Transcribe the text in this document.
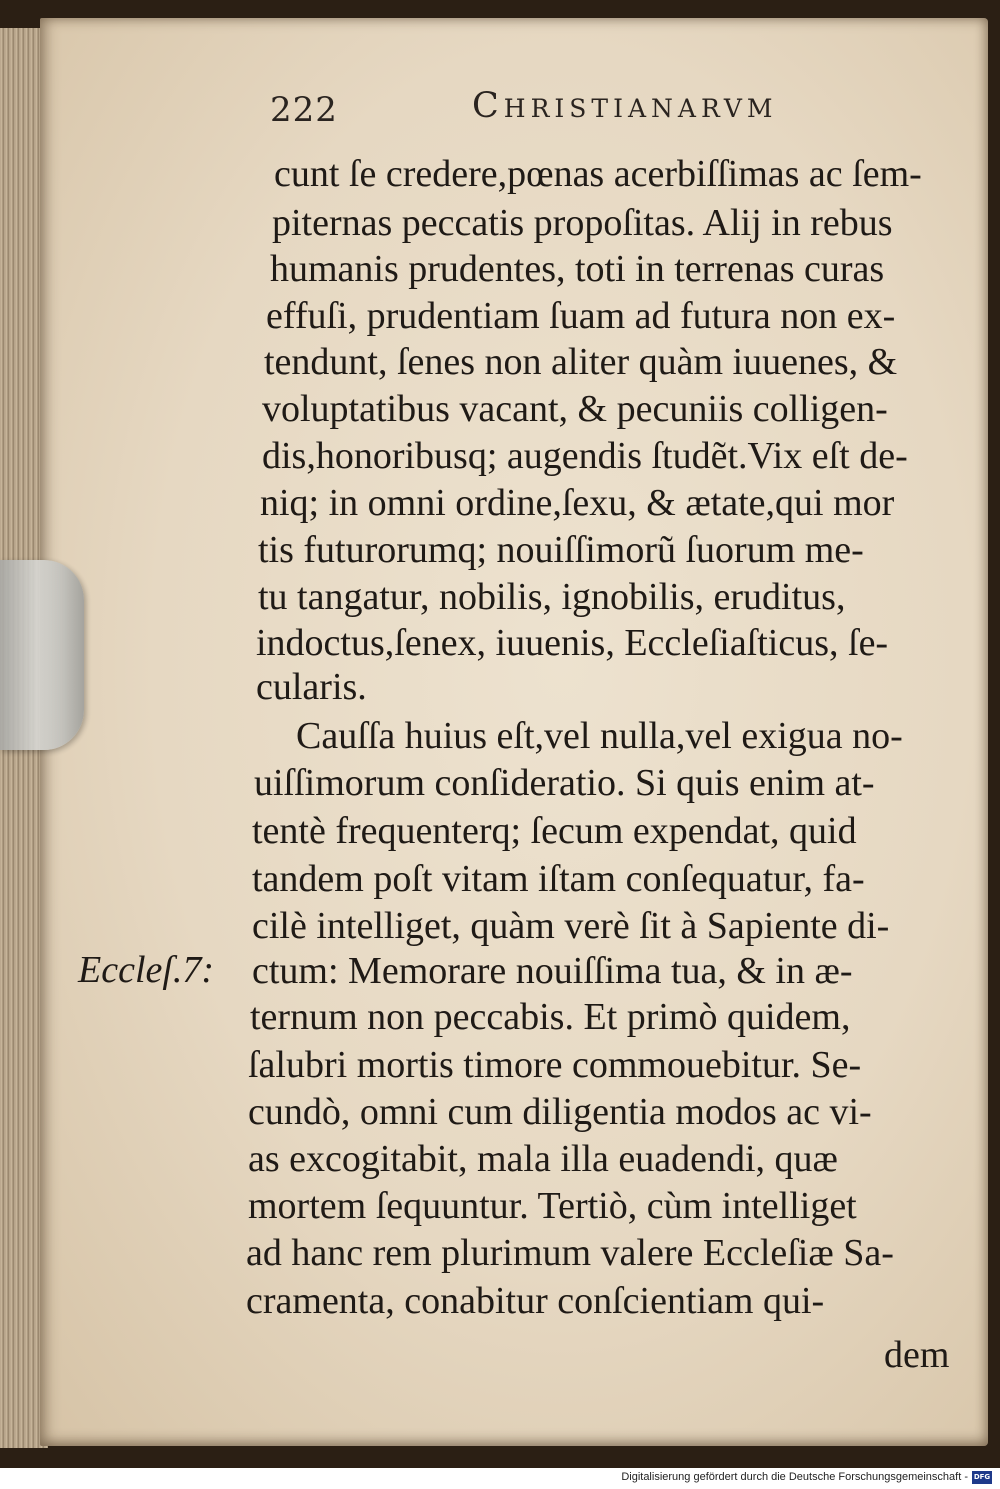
222	Christianarvm
Eccleſ.7:
cunt ſe credere,pœnas acerbiſſimas ac ſem-
piternas peccatis propoſitas. Alij in rebus
humanis prudentes, toti in terrenas curas
effuſi, prudentiam ſuam ad futura non ex-
tendunt, ſenes non aliter quàm iuuenes, &
voluptatibus vacant, & pecuniis colligen-
dis,honoribusq; augendis ſtudẽt.Vix eſt de-
niq; in omni ordine,ſexu, & ætate,qui mor
tis futurorumq; nouiſſimorũ ſuorum me-
tu tangatur, nobilis, ignobilis, eruditus,
indoctus,ſenex, iuuenis, Eccleſiaſticus, ſe-
cularis.
Cauſſa huius eſt,vel nulla,vel exigua no-
uiſſimorum conſideratio. Si quis enim at-
tentè frequenterq; ſecum expendat, quid
tandem poſt vitam iſtam conſequatur, fa-
cilè intelliget, quàm verè ſit à Sapiente di-
ctum: Memorare nouiſſima tua, & in æ-
ternum non peccabis. Et primò quidem,
ſalubri mortis timore commouebitur. Se-
cundò, omni cum diligentia modos ac vi-
as excogitabit, mala illa euadendi, quæ
mortem ſequuntur. Tertiò, cùm intelliget
ad hanc rem plurimum valere Eccleſiæ Sa-
cramenta, conabitur conſcientiam qui-
dem
Digitalisierung gefördert durch die Deutsche Forschungsgemeinschaft - DFG
